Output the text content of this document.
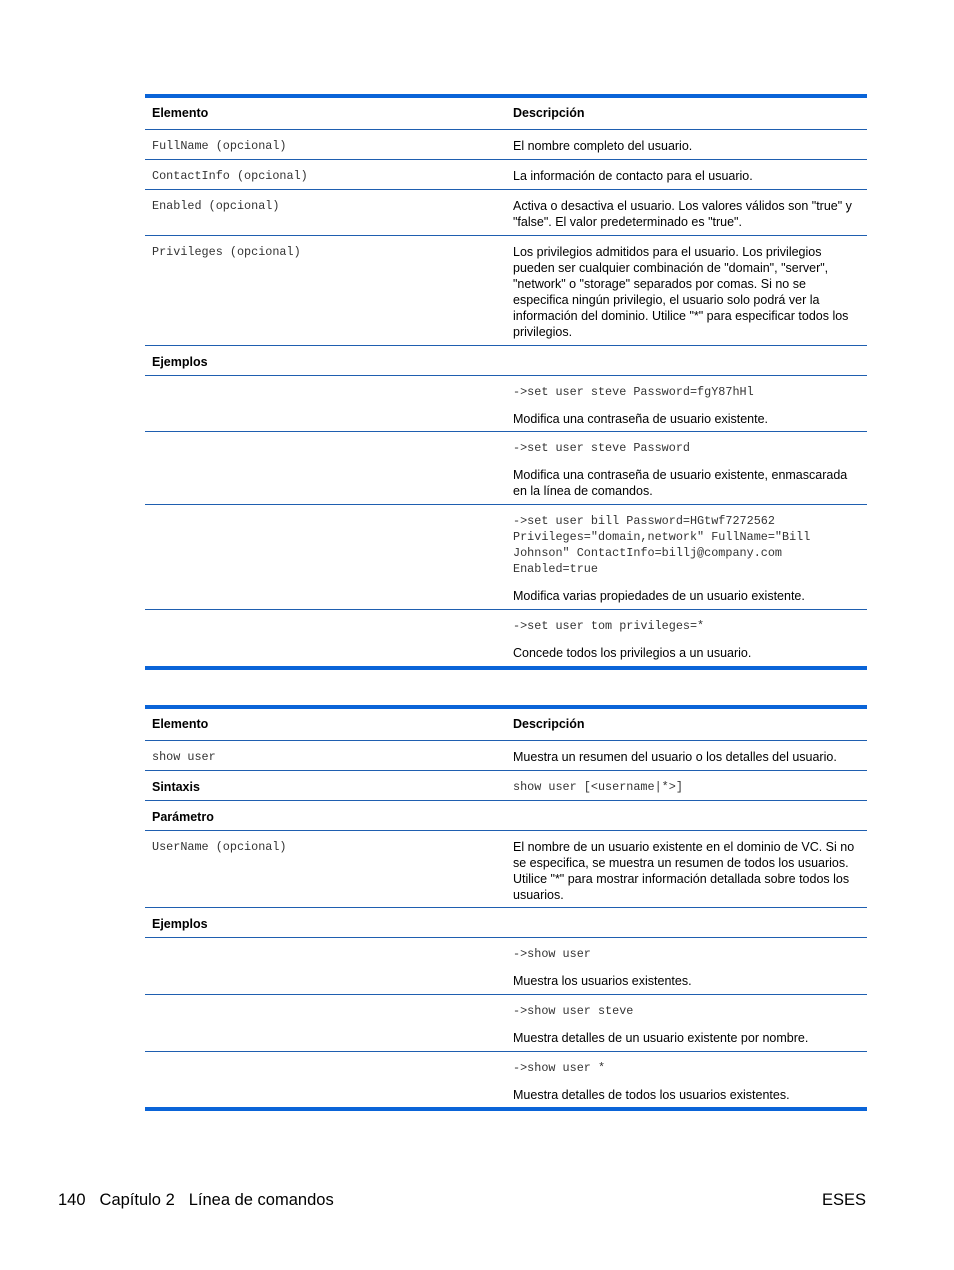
Elemento	Descripción

FullName (opcional)	El nombre completo del usuario.

ContactInfo (opcional)	La información de contacto para el usuario.

Enabled (opcional)	Activa o desactiva el usuario. Los valores válidos son "true" y "false". El valor predeterminado es "true".

Privileges (opcional)	Los privilegios admitidos para el usuario. Los privilegios pueden ser cualquier combinación de "domain", "server", "network" o "storage" separados por comas. Si no se especifica ningún privilegio, el usuario solo podrá ver la información del dominio. Utilice "*" para especificar todos los privilegios.

Ejemplos	

	->set user steve Password=fgY87hHl
Modifica una contraseña de usuario existente.

	->set user steve Password
Modifica una contraseña de usuario existente, enmascarada en la línea de comandos.

	->set user bill Password=HGtwf7272562
Privileges="domain,network" FullName="Bill
Johnson" ContactInfo=billj@company.com
Enabled=true
Modifica varias propiedades de un usuario existente.

	->set user tom privileges=*
Concede todos los privilegios a un usuario.
Elemento	Descripción

show user	Muestra un resumen del usuario o los detalles del usuario.

Sintaxis	show user [<username|*>]

Parámetro	

UserName (opcional)	El nombre de un usuario existente en el dominio de VC. Si no se especifica, se muestra un resumen de todos los usuarios. Utilice "*" para mostrar información detallada sobre todos los usuarios.

Ejemplos	

	->show user
Muestra los usuarios existentes.

	->show user steve
Muestra detalles de un usuario existente por nombre.

	->show user *
Muestra detalles de todos los usuarios existentes.
140 Capítulo 2 Línea de comandos	ESES
